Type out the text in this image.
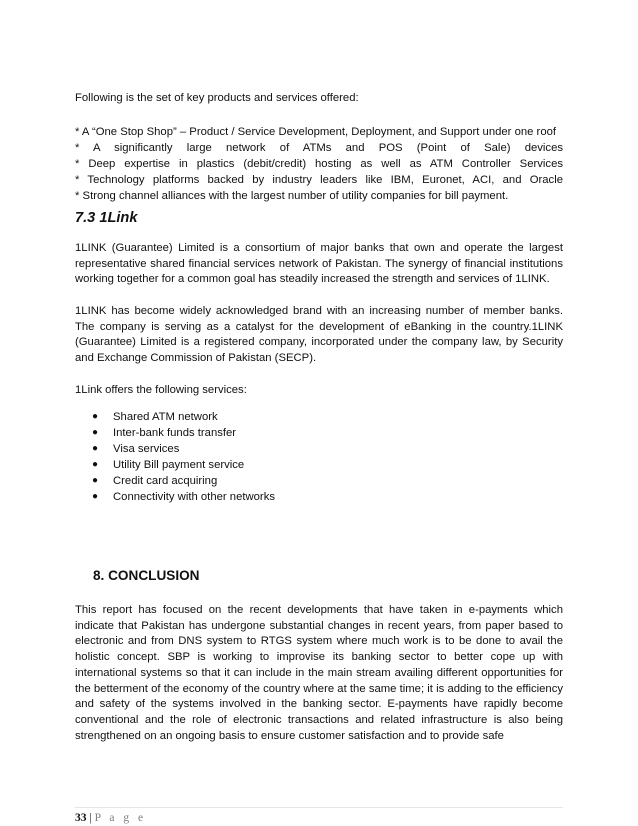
Following is the set of key products and services offered:

* A “One Stop Shop” – Product / Service Development, Deployment, and Support under one roof
* A significantly large network of ATMs and POS (Point of Sale) devices
* Deep expertise in plastics (debit/credit) hosting as well as ATM Controller Services
* Technology platforms backed by industry leaders like IBM, Euronet, ACI, and Oracle
* Strong channel alliances with the largest number of utility companies for bill payment.
7.3 1Link

1LINK (Guarantee) Limited is a consortium of major banks that own and operate the largest representative shared financial services network of Pakistan. The synergy of financial institutions working together for a common goal has steadily increased the strength and services of 1LINK.

1LINK has become widely acknowledged brand with an increasing number of member banks. The company is serving as a catalyst for the development of eBanking in the country.1LINK (Guarantee) Limited is a registered company, incorporated under the company law, by Security and Exchange Commission of Pakistan (SECP).

1Link offers the following services:

● Shared ATM network
● Inter-bank funds transfer
● Visa services
● Utility Bill payment service
● Credit card acquiring
● Connectivity with other networks
8. CONCLUSION

This report has focused on the recent developments that have taken in e-payments which indicate that Pakistan has undergone substantial changes in recent years, from paper based to electronic and from DNS system to RTGS system where much work is to be done to avail the holistic concept. SBP is working to improvise its banking sector to better cope up with international systems so that it can include in the main stream availing different opportunities for the betterment of the economy of the country where at the same time; it is adding to the efficiency and safety of the systems involved in the banking sector. E-payments have rapidly become conventional and the role of electronic transactions and related infrastructure is also being strengthened on an ongoing basis to ensure customer satisfaction and to provide safe

33 | P a g e
